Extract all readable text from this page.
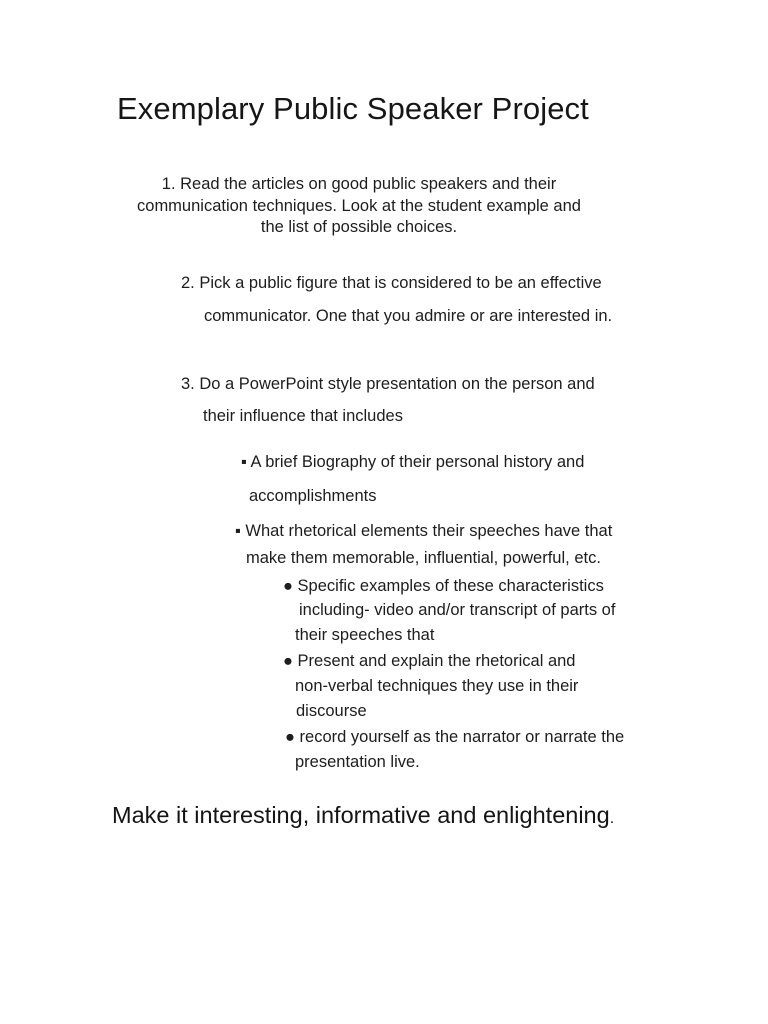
Exemplary Public Speaker Project
1. Read the articles on good public speakers and their
communication techniques. Look at the student example and
the list of possible choices.

2. Pick a public figure that is considered to be an effective

communicator. One that you admire or are interested in.

3. Do a PowerPoint style presentation on the person and

their influence that includes

▪ A brief Biography of their personal history and

accomplishments

▪ What rhetorical elements their speeches have that

make them memorable, influential, powerful, etc.

● Specific examples of these characteristics

including- video and/or transcript of parts of

their speeches that

● Present and explain the rhetorical and

non-verbal techniques they use in their

discourse

● record yourself as the narrator or narrate the

presentation live.

Make it interesting, informative and enlightening.
